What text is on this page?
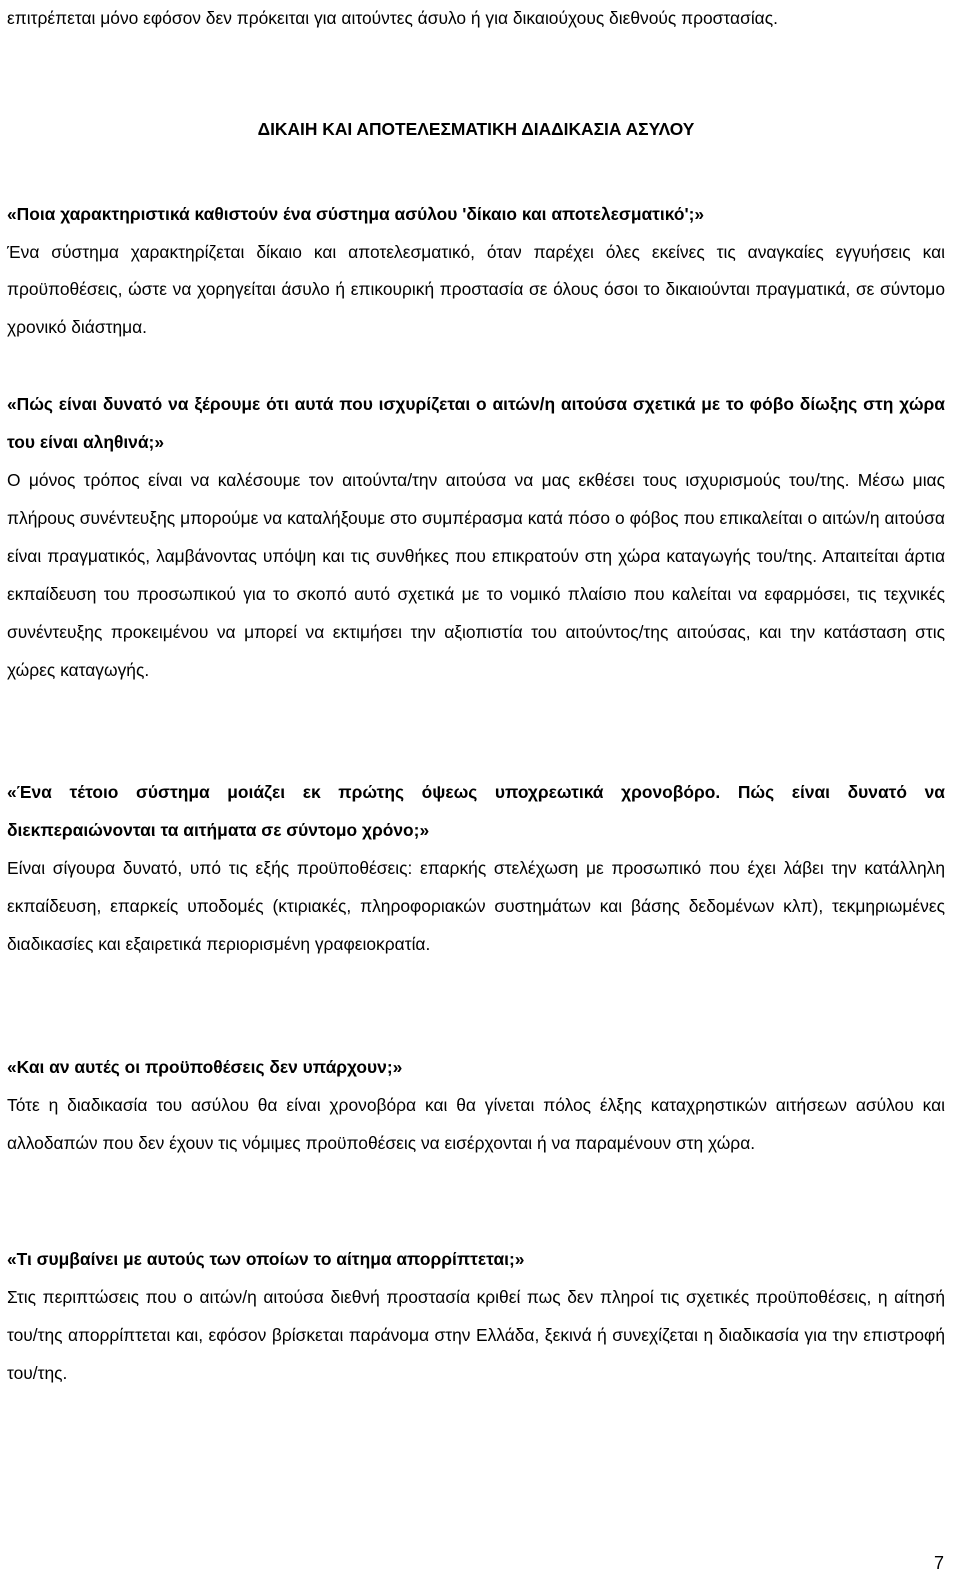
επιτρέπεται μόνο εφόσον δεν πρόκειται για αιτούντες άσυλο ή για δικαιούχους διεθνούς προστασίας.

ΔΙΚΑΙΗ ΚΑΙ ΑΠΟΤΕΛΕΣΜΑΤΙΚΗ ΔΙΑΔΙΚΑΣΙΑ ΑΣΥΛΟΥ

«Ποια χαρακτηριστικά καθιστούν ένα σύστημα ασύλου 'δίκαιο και αποτελεσματικό';»

Ένα σύστημα χαρακτηρίζεται δίκαιο και αποτελεσματικό, όταν παρέχει όλες εκείνες τις αναγκαίες εγγυήσεις και προϋποθέσεις, ώστε να χορηγείται άσυλο ή επικουρική προστασία σε όλους όσοι το δικαιούνται πραγματικά, σε σύντομο χρονικό διάστημα.

«Πώς είναι δυνατό να ξέρουμε ότι αυτά που ισχυρίζεται ο αιτών/η αιτούσα σχετικά με το φόβο δίωξης στη χώρα του είναι αληθινά;»

Ο μόνος τρόπος είναι να καλέσουμε τον αιτούντα/την αιτούσα να μας εκθέσει τους ισχυρισμούς του/της. Μέσω μιας πλήρους συνέντευξης μπορούμε να καταλήξουμε στο συμπέρασμα κατά πόσο ο φόβος που επικαλείται ο αιτών/η αιτούσα είναι πραγματικός, λαμβάνοντας υπόψη και τις συνθήκες που επικρατούν στη χώρα καταγωγής του/της. Απαιτείται άρτια εκπαίδευση του προσωπικού για το σκοπό αυτό σχετικά με το νομικό πλαίσιο που καλείται να εφαρμόσει, τις τεχνικές συνέντευξης προκειμένου να μπορεί να εκτιμήσει την αξιοπιστία του αιτούντος/της αιτούσας, και την κατάσταση στις χώρες καταγωγής.

«Ένα τέτοιο σύστημα μοιάζει εκ πρώτης όψεως υποχρεωτικά χρονοβόρο. Πώς είναι δυνατό να διεκπεραιώνονται τα αιτήματα σε σύντομο χρόνο;»

Είναι σίγουρα δυνατό, υπό τις εξής προϋποθέσεις: επαρκής στελέχωση με προσωπικό που έχει λάβει την κατάλληλη εκπαίδευση, επαρκείς υποδομές (κτιριακές, πληροφοριακών συστημάτων και βάσης δεδομένων κλπ), τεκμηριωμένες διαδικασίες και εξαιρετικά περιορισμένη γραφειοκρατία.

«Και αν αυτές οι προϋποθέσεις δεν υπάρχουν;»

Τότε η διαδικασία του ασύλου θα είναι χρονοβόρα και θα γίνεται πόλος έλξης καταχρηστικών αιτήσεων ασύλου και αλλοδαπών που δεν έχουν τις νόμιμες προϋποθέσεις να εισέρχονται ή να παραμένουν στη χώρα.

«Τι συμβαίνει με αυτούς των οποίων το αίτημα απορρίπτεται;»

Στις περιπτώσεις που ο αιτών/η αιτούσα διεθνή προστασία κριθεί πως δεν πληροί τις σχετικές προϋποθέσεις, η αίτησή του/της απορρίπτεται και, εφόσον βρίσκεται παράνομα στην Ελλάδα, ξεκινά ή συνεχίζεται η διαδικασία για την επιστροφή του/της.

7
